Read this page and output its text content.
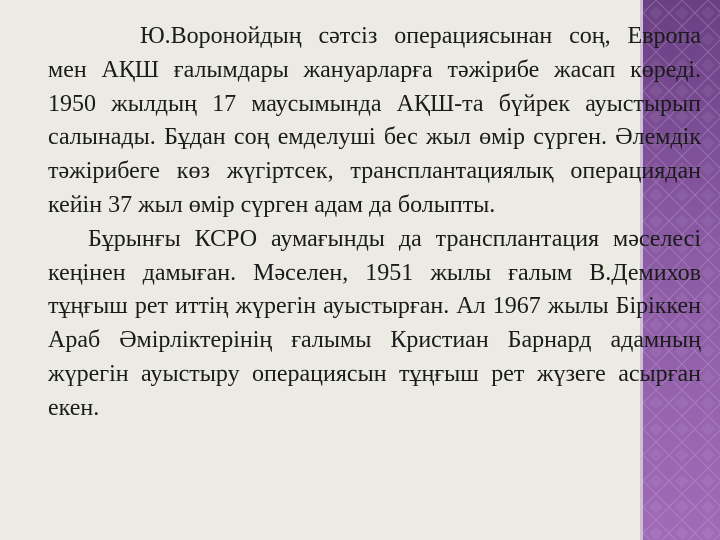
Ю.Воронойдың сәтсіз операциясынан соң, Европа мен АҚШ ғалымдары жануарларға тәжірибе жасап көреді. 1950 жылдың 17 маусымында АҚШ-та бүйрек ауыстырып салынады. Бұдан соң емделуші бес жыл өмір сүрген. Әлемдік тәжірибеге көз жүгіртсек, трансплантациялық операциядан кейін 37 жыл өмір сүрген адам да болыпты.

Бұрынғы КСРО аумағынды да трансплантация мәселесі кеңінен дамыған. Мәселен, 1951 жылы ғалым В.Демихов тұңғыш рет иттің жүрегін ауыстырған. Ал 1967 жылы Біріккен Араб Әмірліктерінің ғалымы Кристиан Барнард адамның жүрегін ауыстыру операциясын тұңғыш рет жүзеге асырған екен.
